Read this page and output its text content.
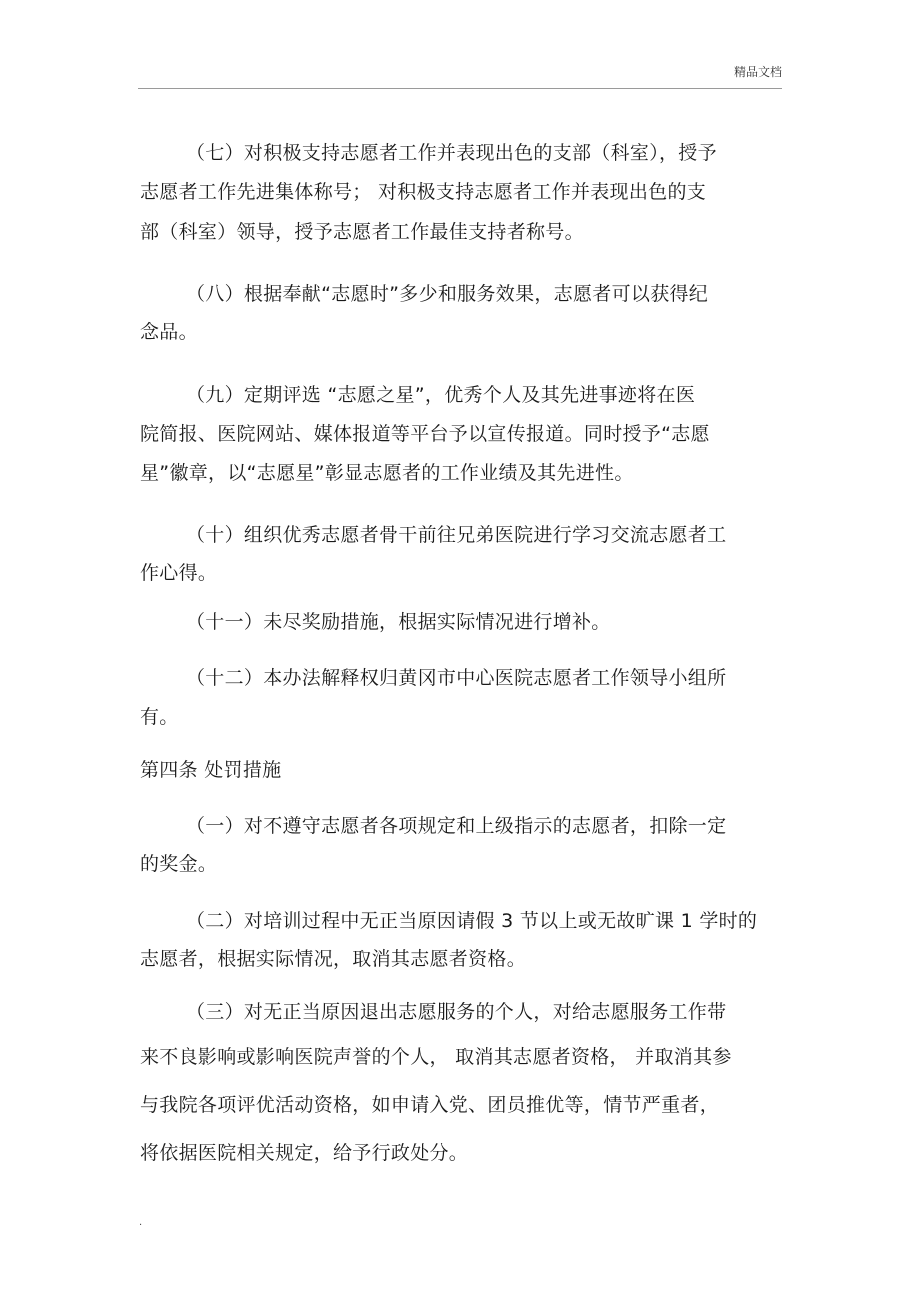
精品文档
（七）对积极支持志愿者工作并表现出色的支部（科室），授予
志愿者工作先进集体称号； 对积极支持志愿者工作并表现出色的支
部（科室）领导，授予志愿者工作最佳支持者称号。
（八）根据奉献“志愿时”多少和服务效果，志愿者可以获得纪
念品。
（九）定期评选 “志愿之星”，优秀个人及其先进事迹将在医
院简报、医院网站、媒体报道等平台予以宣传报道。同时授予“志愿
星”徽章，以“志愿星”彰显志愿者的工作业绩及其先进性。
（十）组织优秀志愿者骨干前往兄弟医院进行学习交流志愿者工
作心得。
（十一）未尽奖励措施，根据实际情况进行增补。
（十二）本办法解释权归黄冈市中心医院志愿者工作领导小组所
有。
第四条 处罚措施
（一）对不遵守志愿者各项规定和上级指示的志愿者，扣除一定
的奖金。
（二）对培训过程中无正当原因请假 3 节以上或无故旷课 1 学时的
志愿者，根据实际情况，取消其志愿者资格。
（三）对无正当原因退出志愿服务的个人，对给志愿服务工作带
来不良影响或影响医院声誉的个人， 取消其志愿者资格， 并取消其参
与我院各项评优活动资格，如申请入党、团员推优等，情节严重者，
将依据医院相关规定，给予行政处分。
.
